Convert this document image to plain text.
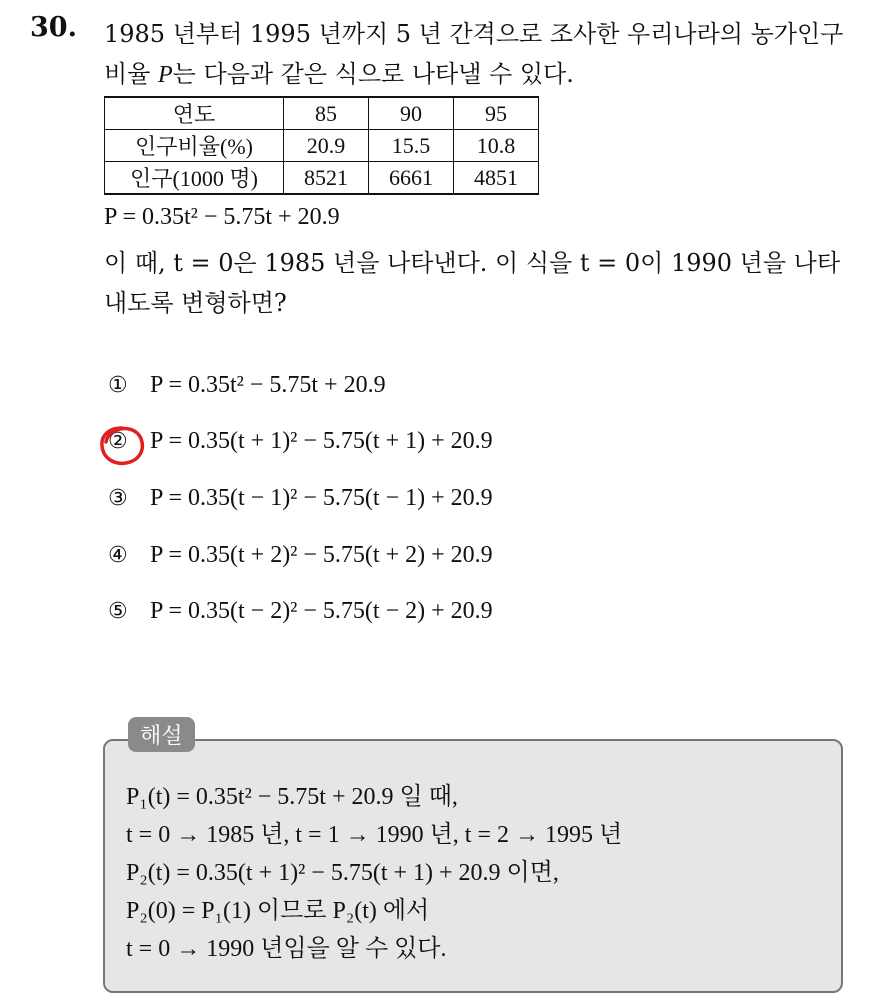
30. 1985 년부터 1995 년까지 5 년 간격으로 조사한 우리나라의 농가인구
비율 P는 다음과 같은 식으로 나타낼 수 있다.
연도	85	90	95
인구비율(%)	20.9	15.5	10.8
인구(1000 명)	8521	6661	4851
P = 0.35t² − 5.75t + 20.9
이 때, t = 0은 1985 년을 나타낸다. 이 식을 t = 0이 1990 년을 나타
내도록 변형하면?
① P = 0.35t² − 5.75t + 20.9
② P = 0.35(t + 1)² − 5.75(t + 1) + 20.9
③ P = 0.35(t − 1)² − 5.75(t − 1) + 20.9
④ P = 0.35(t + 2)² − 5.75(t + 2) + 20.9
⑤ P = 0.35(t − 2)² − 5.75(t − 2) + 20.9
해설
P₁(t) = 0.35t² − 5.75t + 20.9 일 때,
t = 0 → 1985 년, t = 1 → 1990 년, t = 2 → 1995 년
P₂(t) = 0.35(t + 1)² − 5.75(t + 1) + 20.9 이면,
P₂(0) = P₁(1) 이므로 P₂(t) 에서
t = 0 → 1990 년임을 알 수 있다.
